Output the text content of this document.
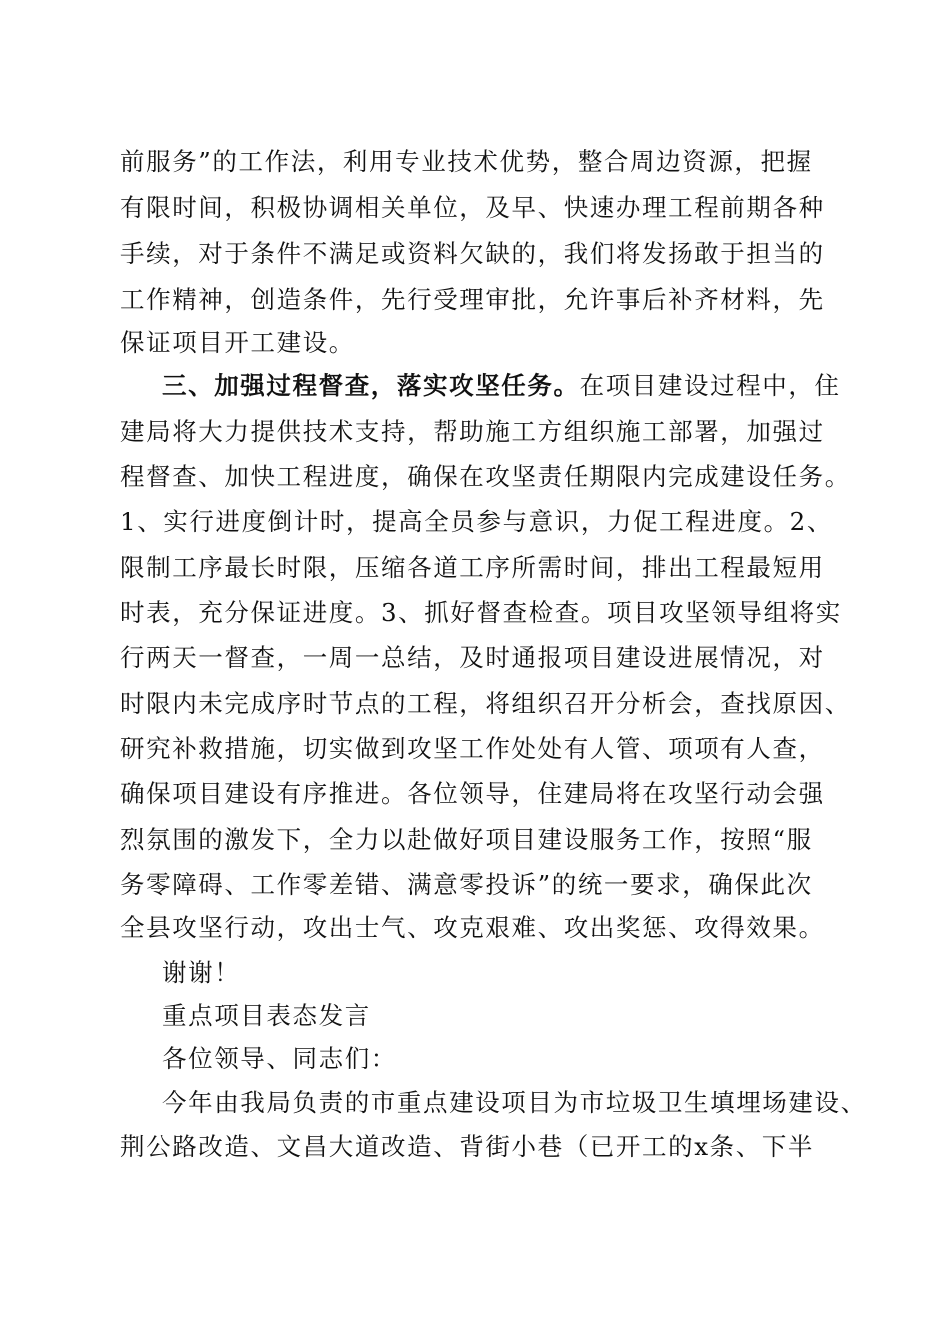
前服务”的工作法，利用专业技术优势，整合周边资源，把握
有限时间，积极协调相关单位，及早、快速办理工程前期各种
手续，对于条件不满足或资料欠缺的，我们将发扬敢于担当的
工作精神，创造条件，先行受理审批，允许事后补齐材料，先
保证项目开工建设。
三、加强过程督查，落实攻坚任务。在项目建设过程中，住
建局将大力提供技术支持，帮助施工方组织施工部署，加强过
程督查、加快工程进度，确保在攻坚责任期限内完成建设任务。
1、实行进度倒计时，提高全员参与意识，力促工程进度。2、
限制工序最长时限，压缩各道工序所需时间，排出工程最短用
时表，充分保证进度。3、抓好督查检查。项目攻坚领导组将实
行两天一督查，一周一总结，及时通报项目建设进展情况，对
时限内未完成序时节点的工程，将组织召开分析会，查找原因、
研究补救措施，切实做到攻坚工作处处有人管、项项有人查，
确保项目建设有序推进。各位领导，住建局将在攻坚行动会强
烈氛围的激发下，全力以赴做好项目建设服务工作，按照“服
务零障碍、工作零差错、满意零投诉”的统一要求，确保此次
全县攻坚行动，攻出士气、攻克艰难、攻出奖惩、攻得效果。
谢谢！
重点项目表态发言
各位领导、同志们：
今年由我局负责的市重点建设项目为市垃圾卫生填埋场建设、
荆公路改造、文昌大道改造、背街小巷（已开工的x条、下半
